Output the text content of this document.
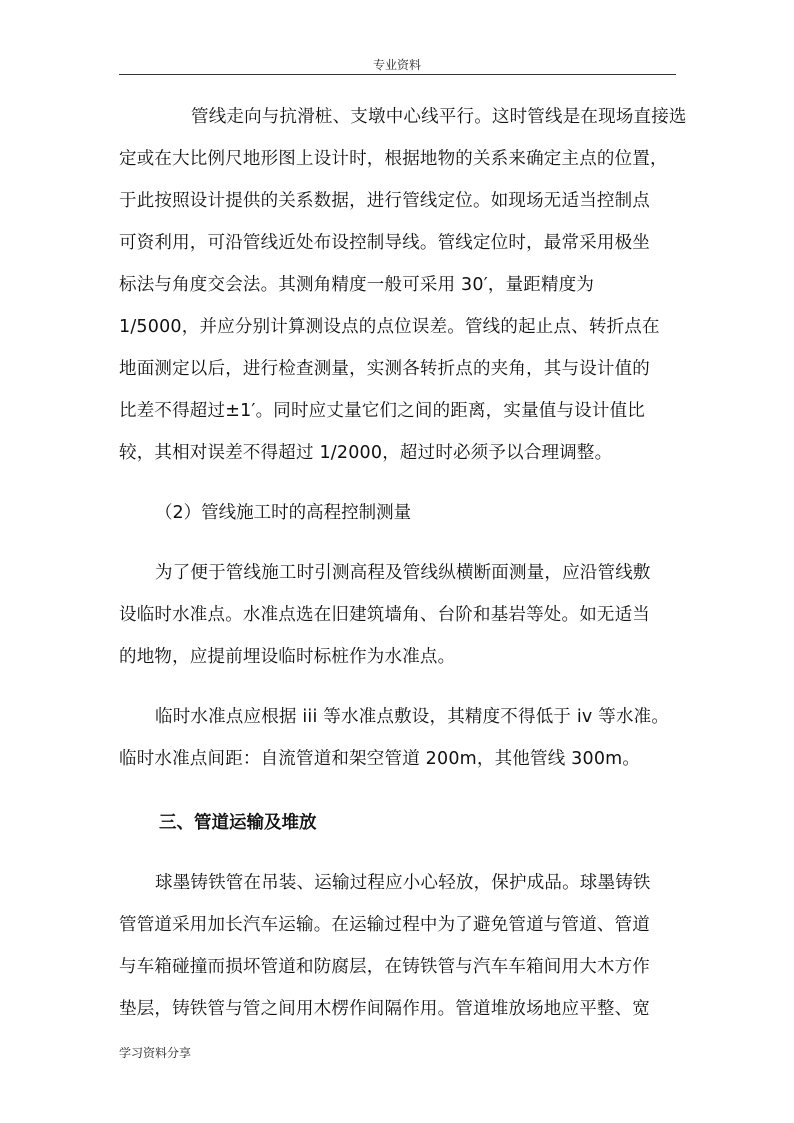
专业资料
管线走向与抗滑桩、支墩中心线平行。这时管线是在现场直接选
定或在大比例尺地形图上设计时，根据地物的关系来确定主点的位置，
于此按照设计提供的关系数据，进行管线定位。如现场无适当控制点
可资利用，可沿管线近处布设控制导线。管线定位时，最常采用极坐
标法与角度交会法。其测角精度一般可采用 30′，量距精度为
1/5000，并应分别计算测设点的点位误差。管线的起止点、转折点在
地面测定以后，进行检查测量，实测各转折点的夹角，其与设计值的
比差不得超过±1′。同时应丈量它们之间的距离，实量值与设计值比
较，其相对误差不得超过 1/2000，超过时必须予以合理调整。

（2）管线施工时的高程控制测量

为了便于管线施工时引测高程及管线纵横断面测量，应沿管线敷
设临时水准点。水准点选在旧建筑墙角、台阶和基岩等处。如无适当
的地物，应提前埋设临时标桩作为水准点。
临时水准点应根据 iii 等水准点敷设，其精度不得低于 iv 等水准。
临时水准点间距：自流管道和架空管道 200m，其他管线 300m。

三、管道运输及堆放

球墨铸铁管在吊装、运输过程应小心轻放，保护成品。球墨铸铁
管管道采用加长汽车运输。在运输过程中为了避免管道与管道、管道
与车箱碰撞而损坏管道和防腐层，在铸铁管与汽车车箱间用大木方作
垫层，铸铁管与管之间用木楞作间隔作用。管道堆放场地应平整、宽
学习资料分享
